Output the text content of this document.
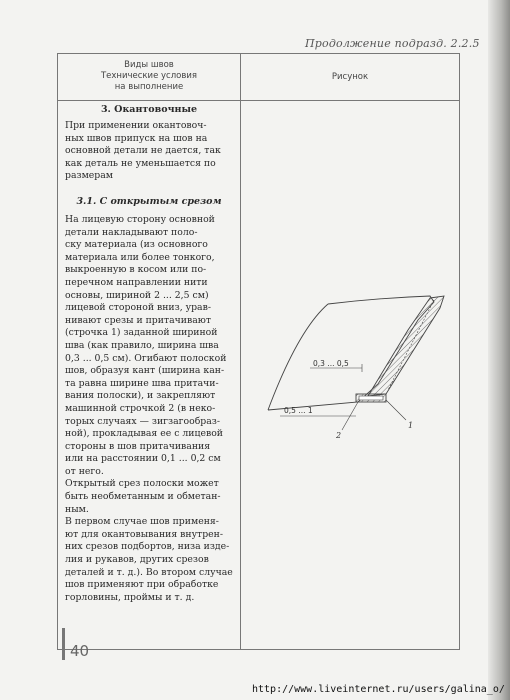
Продолжение подразд. 2.2.5
Виды швов
Технические условия
на выполнение
Рисунок
3. Окантовочные
При применении окантовоч-
ных швов припуск на шов на
основной детали не дается, так
как деталь не уменьшается по
размерам
3.1. С открытым срезом
На лицевую сторону основной
детали накладывают поло-
ску материала (из основного
материала или более тонкого,
выкроенную в косом или по-
перечном направлении нити
основы, шириной 2 ... 2,5 см)
лицевой стороной вниз, урав-
нивают срезы и притачивают
(строчка 1) заданной шириной
шва (как правило, ширина шва
0,3 ... 0,5 см). Огибают полоской
шов, образуя кант (ширина кан-
та равна ширине шва притачи-
вания полоски), и закрепляют
машинной строчкой 2 (в неко-
торых случаях — зигзагообраз-
ной), прокладывая ее с лицевой
стороны в шов притачивания
или на расстоянии 0,1 ... 0,2 см
от него.
Открытый срез полоски может
быть необметанным и обметан-
ным.
В первом случае шов применя-
ют для окантовывания внутрен-
них срезов подбортов, низа изде-
лия и рукавов, других срезов
деталей и т. д.). Во втором случае
шов применяют при обработке
горловины, проймы и т. д.
0,3 ... 0,5
0,5 ... 1
2
1
40
http://www.liveinternet.ru/users/galina_o/
